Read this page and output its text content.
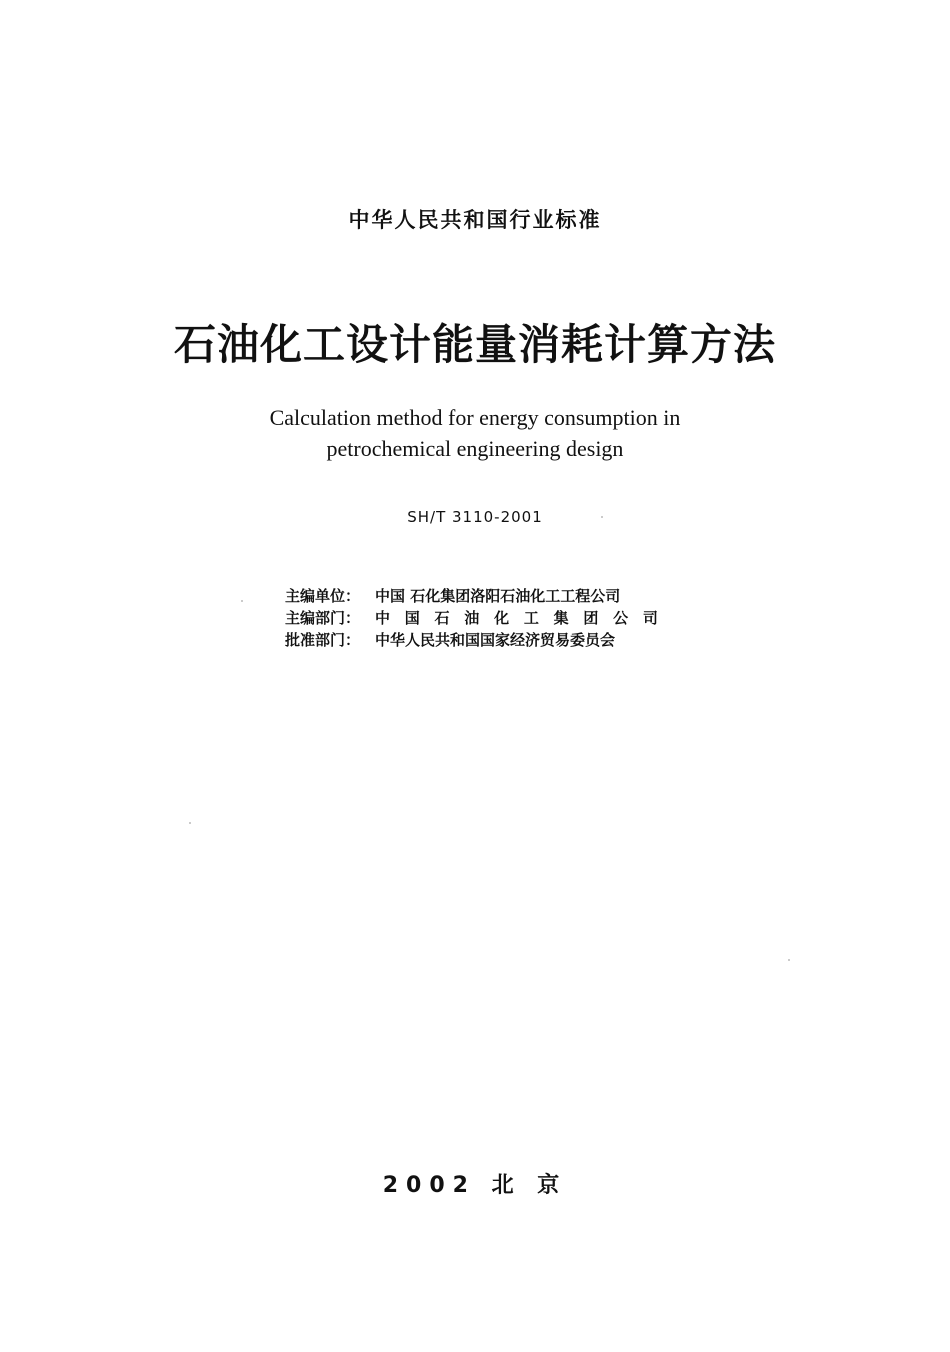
中华人民共和国行业标准
石油化工设计能量消耗计算方法
Calculation method for energy consumption in
petrochemical engineering design
SH/T 3110-2001
主编单位： 中国 石化集团洛阳石油化工工程公司
主编部门： 中 国 石 油 化 工 集 团 公 司
批准部门： 中华人民共和国国家经济贸易委员会
2002 北 京
